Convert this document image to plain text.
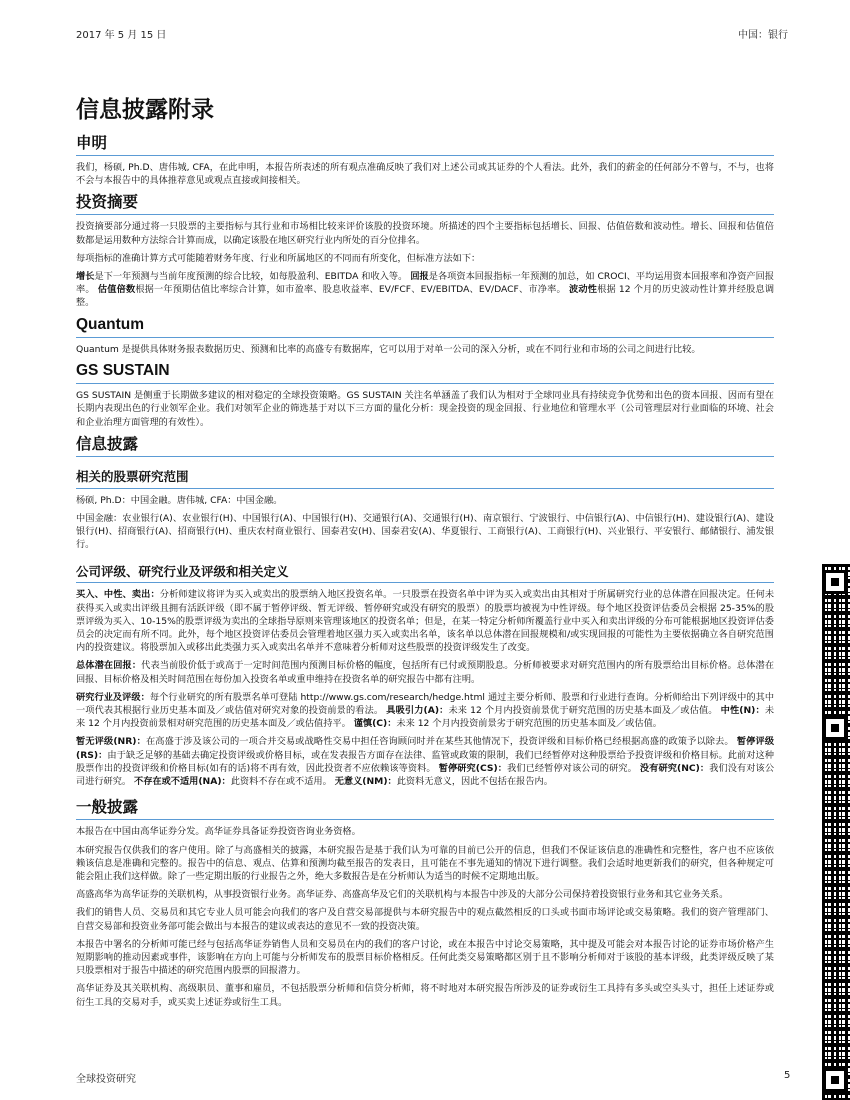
2017 年 5 月 15 日	中国：银行
信息披露附录
申明

我们，杨硕, Ph.D、唐伟城, CFA，在此申明，本报告所表述的所有观点准确反映了我们对上述公司或其证券的个人看法。此外，我们的薪金的任何部分不曾与，不与，也将不会与本报告中的具体推荐意见或观点直接或间接相关。

投资摘要

投资摘要部分通过将一只股票的主要指标与其行业和市场相比较来评价该股的投资环境。所描述的四个主要指标包括增长、回报、估值倍数和波动性。增长、回报和估值倍数都是运用数种方法综合计算而成，以确定该股在地区研究行业内所处的百分位排名。

每项指标的准确计算方式可能随着财务年度、行业和所属地区的不同而有所变化，但标准方法如下：

增长是下一年预测与当前年度预测的综合比较，如每股盈利、EBITDA 和收入等。 回报是各项资本回报指标一年预测的加总，如 CROCI、平均运用资本回报率和净资产回报率。 估值倍数根据一年预期估值比率综合计算，如市盈率、股息收益率、EV/FCF、EV/EBITDA、EV/DACF、市净率。 波动性根据 12 个月的历史波动性计算并经股息调整。

Quantum

Quantum 是提供具体财务报表数据历史、预测和比率的高盛专有数据库，它可以用于对单一公司的深入分析，或在不同行业和市场的公司之间进行比较。

GS SUSTAIN

GS SUSTAIN 是侧重于长期做多建议的相对稳定的全球投资策略。GS SUSTAIN 关注名单涵盖了我们认为相对于全球同业具有持续竞争优势和出色的资本回报、因而有望在长期内表现出色的行业领军企业。我们对领军企业的筛选基于对以下三方面的量化分析：现金投资的现金回报、行业地位和管理水平（公司管理层对行业面临的环境、社会和企业治理方面管理的有效性）。

信息披露
相关的股票研究范围

杨硕, Ph.D：中国金融。唐伟城, CFA：中国金融。

中国金融：农业银行(A)、农业银行(H)、中国银行(A)、中国银行(H)、交通银行(A)、交通银行(H)、南京银行、宁波银行、中信银行(A)、中信银行(H)、建设银行(A)、建设银行(H)、招商银行(A)、招商银行(H)、重庆农村商业银行、国泰君安(H)、国泰君安(A)、华夏银行、工商银行(A)、工商银行(H)、兴业银行、平安银行、邮储银行、浦发银行。

公司评级、研究行业及评级和相关定义

买入、中性、卖出：分析师建议将评为买入或卖出的股票纳入地区投资名单。一只股票在投资名单中评为买入或卖出由其相对于所属研究行业的总体潜在回报决定。任何未获得买入或卖出评级且拥有活跃评级（即不属于暂停评级、暂无评级、暂停研究或没有研究的股票）的股票均被视为中性评级。每个地区投资评估委员会根据 25-35%的股票评级为买入、10-15%的股票评级为卖出的全球指导原则来管理该地区的投资名单；但是，在某一特定分析师所覆盖行业中买入和卖出评级的分布可能根据地区投资评估委员会的决定而有所不同。此外，每个地区投资评估委员会管理着地区强力买入或卖出名单，该名单以总体潜在回报规模和/或实现回报的可能性为主要依据确立各自研究范围内的投资建议。将股票加入或移出此类强力买入或卖出名单并不意味着分析师对这些股票的投资评级发生了改变。

总体潜在回报：代表当前股价低于或高于一定时间范围内预测目标价格的幅度，包括所有已付或预期股息。分析师被要求对研究范围内的所有股票给出目标价格。总体潜在回报、目标价格及相关时间范围在每份加入投资名单或重申维持在投资名单的研究报告中都有注明。

研究行业及评级：每个行业研究的所有股票名单可登陆 http://www.gs.com/research/hedge.html 通过主要分析师、股票和行业进行查询。分析师给出下列评级中的其中一项代表其根据行业历史基本面及／或估值对研究对象的投资前景的看法。 具吸引力(A)：未来 12 个月内投资前景优于研究范围的历史基本面及／或估值。 中性(N)：未来 12 个月内投资前景相对研究范围的历史基本面及／或估值持平。 谨慎(C)：未来 12 个月内投资前景劣于研究范围的历史基本面及／或估值。

暂无评级(NR)：在高盛于涉及该公司的一项合并交易或战略性交易中担任咨询顾问时并在某些其他情况下，投资评级和目标价格已经根据高盛的政策予以除去。 暂停评级(RS)：由于缺乏足够的基础去确定投资评级或价格目标，或在发表报告方面存在法律、监管或政策的限制，我们已经暂停对这种股票给予投资评级和价格目标。此前对这种股票作出的投资评级和价格目标(如有的话)将不再有效，因此投资者不应依赖该等资料。 暂停研究(CS)：我们已经暂停对该公司的研究。 没有研究(NC)：我们没有对该公司进行研究。 不存在或不适用(NA)：此资料不存在或不适用。 无意义(NM)：此资料无意义，因此不包括在报告内。

一般披露

本报告在中国由高华证券分发。高华证券具备证券投资咨询业务资格。

本研究报告仅供我们的客户使用。除了与高盛相关的披露，本研究报告是基于我们认为可靠的目前已公开的信息，但我们不保证该信息的准确性和完整性，客户也不应该依赖该信息是准确和完整的。报告中的信息、观点、估算和预测均截至报告的发表日，且可能在不事先通知的情况下进行调整。我们会适时地更新我们的研究，但各种规定可能会阻止我们这样做。除了一些定期出版的行业报告之外，绝大多数报告是在分析师认为适当的时候不定期地出版。

高盛高华为高华证券的关联机构，从事投资银行业务。高华证券、高盛高华及它们的关联机构与本报告中涉及的大部分公司保持着投资银行业务和其它业务关系。

我们的销售人员、交易员和其它专业人员可能会向我们的客户及自营交易部提供与本研究报告中的观点截然相反的口头或书面市场评论或交易策略。我们的资产管理部门、自营交易部和投资业务部可能会做出与本报告的建议或表达的意见不一致的投资决策。

本报告中署名的分析师可能已经与包括高华证券销售人员和交易员在内的我们的客户讨论，或在本报告中讨论交易策略，其中提及可能会对本报告讨论的证券市场价格产生短期影响的推动因素或事件，该影响在方向上可能与分析师发布的股票目标价格相反。任何此类交易策略都区别于且不影响分析师对于该股的基本评级，此类评级反映了某只股票相对于报告中描述的研究范围内股票的回报潜力。

高华证券及其关联机构、高级职员、董事和雇员，不包括股票分析师和信贷分析师，将不时地对本研究报告所涉及的证券或衍生工具持有多头或空头头寸，担任上述证券或衍生工具的交易对手，或买卖上述证券或衍生工具。

全球投资研究	5
